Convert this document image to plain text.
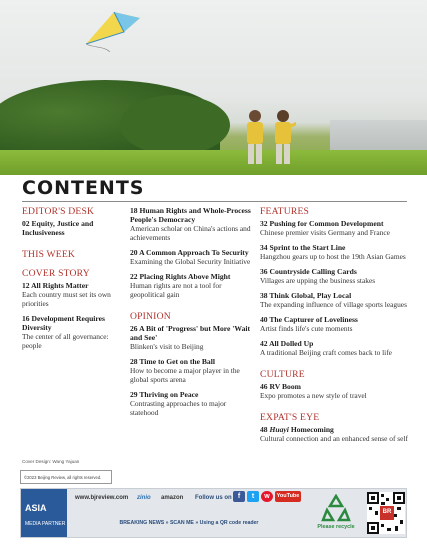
CONTENTS
EDITOR'S DESK
02 Equity, Justice and Inclusiveness
THIS WEEK
COVER STORY
12 All Rights Matter
Each country must set its own priorities
16 Development Requires Diversity
The center of all governance: people
18 Human Rights and Whole-Process People's Democracy
American scholar on China's actions and achievements
20 A Common Approach To Security
Examining the Global Security Initiative
22 Placing Rights Above Might
Human rights are not a tool for geopolitical gain
OPINION
26 A Bit of 'Progress' but More 'Wait and See'
Blinken's visit to Beijing
28 Time to Get on the Ball
How to become a major player in the global sports arena
29 Thriving on Peace
Contrasting approaches to major statehood
FEATURES
32 Pushing for Common Development
Chinese premier visits Germany and France
34 Sprint to the Start Line
Hangzhou gears up to host the 19th Asian Games
36 Countryside Calling Cards
Villages are upping the business stakes
38 Think Global, Play Local
The expanding influence of village sports leagues
40 The Capturer of Loveliness
Artist finds life's cute moments
42 All Dolled Up
A traditional Beijing craft comes back to life
CULTURE
46 RV Boom
Expo promotes a new style of travel
EXPAT'S EYE
48 Huayi Homecoming
Cultural connection and an enhanced sense of self
Cover Design: Wang Yajuan
©2023 Beijing Review, all rights reserved.
ASIA
MEDIA PARTNER
www.bjreview.com zinio amazon Follow us on f	t	w	YouTube
BREAKING NEWS » SCAN ME » Using a QR code reader
Please recycle
BR
